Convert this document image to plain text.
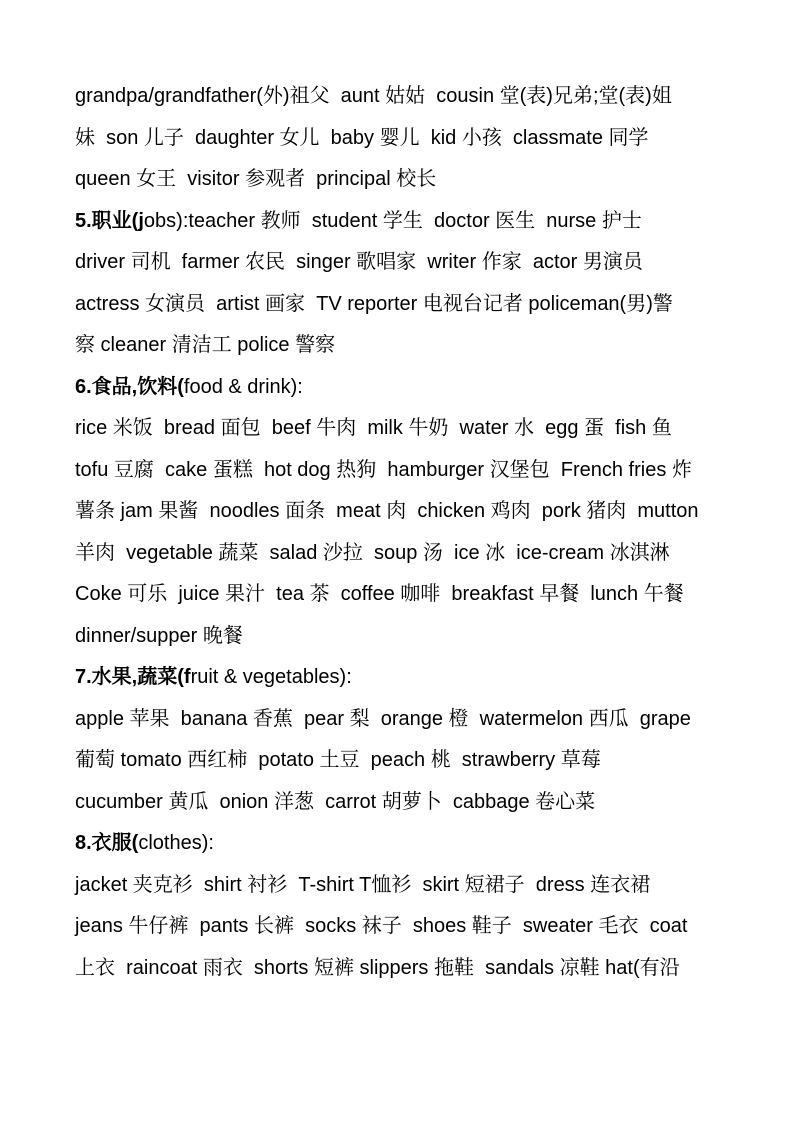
grandpa/grandfather(外)祖父  aunt 姑姑  cousin 堂(表)兄弟;堂(表)姐
妹  son 儿子  daughter 女儿  baby 婴儿  kid 小孩  classmate 同学
queen 女王  visitor 参观者  principal 校长
5.职业(jobs):teacher 教师  student 学生  doctor 医生  nurse 护士
driver 司机  farmer 农民  singer 歌唱家  writer 作家  actor 男演员
actress 女演员  artist 画家  TV reporter 电视台记者 policeman(男)警
察 cleaner 清洁工 police 警察
6.食品,饮料(food & drink):
rice 米饭  bread 面包  beef 牛肉  milk 牛奶  water 水  egg 蛋  fish 鱼
tofu 豆腐  cake 蛋糕  hot dog 热狗  hamburger 汉堡包  French fries 炸
薯条 jam 果酱  noodles 面条  meat 肉  chicken 鸡肉  pork 猪肉  mutton
羊肉  vegetable 蔬菜  salad 沙拉  soup 汤  ice 冰  ice-cream 冰淇淋
Coke 可乐  juice 果汁  tea 茶  coffee 咖啡  breakfast 早餐  lunch 午餐
dinner/supper 晚餐
7.水果,蔬菜(fruit & vegetables):
apple 苹果  banana 香蕉  pear 梨  orange 橙  watermelon 西瓜  grape
葡萄 tomato 西红柿  potato 土豆  peach 桃  strawberry 草莓
cucumber 黄瓜  onion 洋葱  carrot 胡萝卜  cabbage 卷心菜
8.衣服(clothes):
jacket 夹克衫  shirt 衬衫  T-shirt T恤衫  skirt 短裙子  dress 连衣裙
jeans 牛仔裤  pants 长裤  socks 袜子  shoes 鞋子  sweater 毛衣  coat
上衣  raincoat 雨衣  shorts 短裤 slippers 拖鞋  sandals 凉鞋 hat(有沿
